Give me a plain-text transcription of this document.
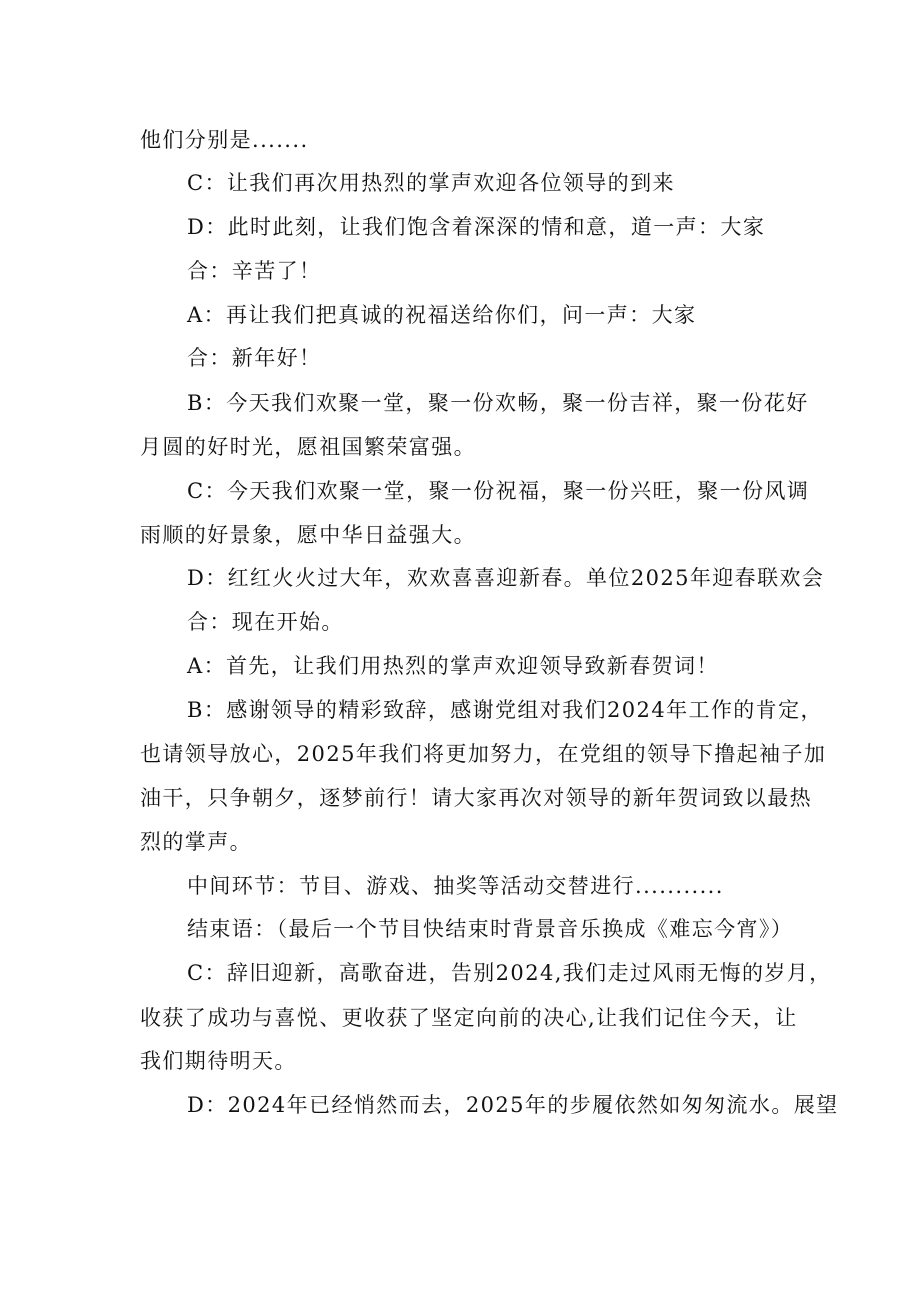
他们分别是.......
C：让我们再次用热烈的掌声欢迎各位领导的到来
D：此时此刻，让我们饱含着深深的情和意，道一声：大家
合：辛苦了！
A：再让我们把真诚的祝福送给你们，问一声：大家
合：新年好！
B：今天我们欢聚一堂，聚一份欢畅，聚一份吉祥，聚一份花好
月圆的好时光，愿祖国繁荣富强。
C：今天我们欢聚一堂，聚一份祝福，聚一份兴旺，聚一份风调
雨顺的好景象，愿中华日益强大。
D：红红火火过大年，欢欢喜喜迎新春。单位2025年迎春联欢会
合：现在开始。
A：首先，让我们用热烈的掌声欢迎领导致新春贺词！
B：感谢领导的精彩致辞，感谢党组对我们2024年工作的肯定，
也请领导放心，2025年我们将更加努力，在党组的领导下撸起袖子加
油干，只争朝夕，逐梦前行！请大家再次对领导的新年贺词致以最热
烈的掌声。
中间环节：节目、游戏、抽奖等活动交替进行...........
结束语：（最后一个节目快结束时背景音乐换成《难忘今宵》）
C：辞旧迎新，高歌奋进，告别2024,我们走过风雨无悔的岁月，
收获了成功与喜悦、更收获了坚定向前的决心,让我们记住今天，让
我们期待明天。
D：2024年已经悄然而去，2025年的步履依然如匆匆流水。展望
